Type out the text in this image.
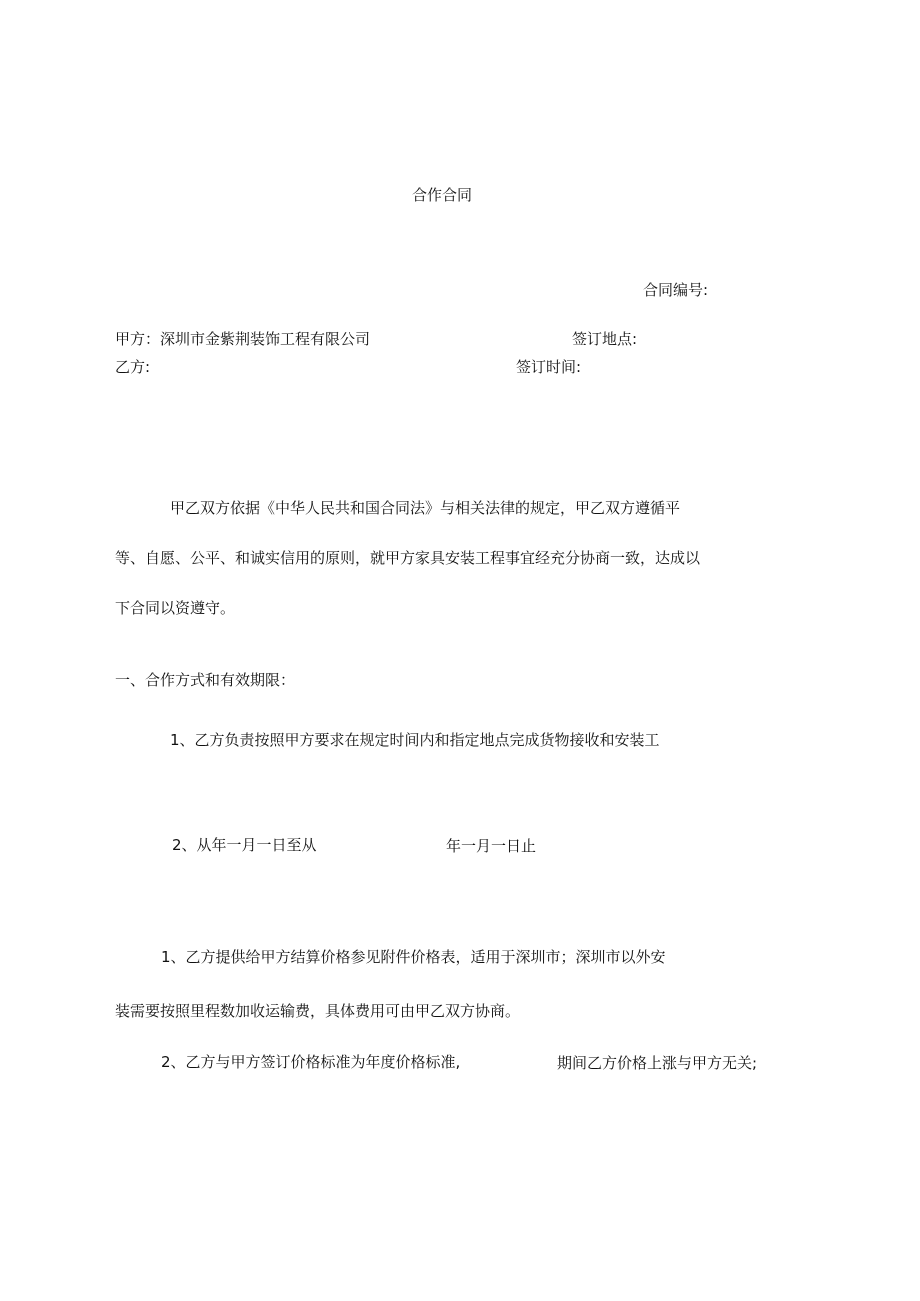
合作合同
合同编号:
甲方：深圳市金紫荆装饰工程有限公司	签订地点:
乙方:	签订时间:
甲乙双方依据《中华人民共和国合同法》与相关法律的规定，甲乙双方遵循平
等、自愿、公平、和诚实信用的原则，就甲方家具安装工程事宜经充分协商一致，达成以
下合同以资遵守。
一、合作方式和有效期限：
1、乙方负责按照甲方要求在规定时间内和指定地点完成货物接收和安装工
2、从年一月一日至从	年一月一日止
1、乙方提供给甲方结算价格参见附件价格表，适用于深圳市；深圳市以外安
装需要按照里程数加收运输费，具体费用可由甲乙双方协商。
2、乙方与甲方签订价格标准为年度价格标准,	期间乙方价格上涨与甲方无关;
